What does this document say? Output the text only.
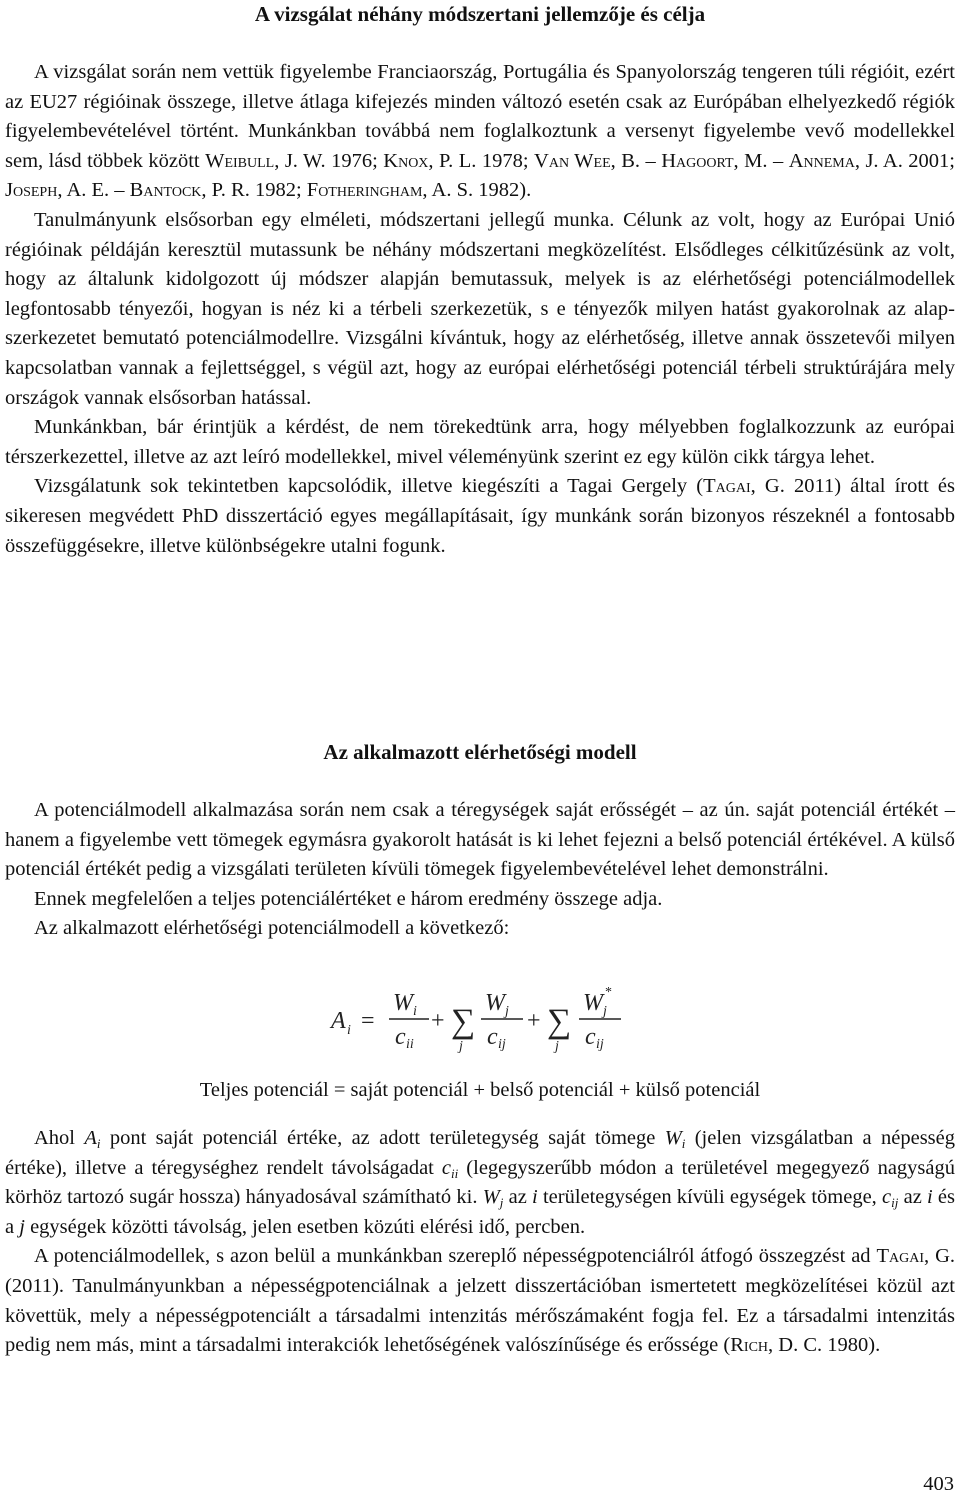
A vizsgálat néhány módszertani jellemzője és célja

A vizsgálat során nem vettük figyelembe Franciaország, Portugália és Spanyolország tengeren túli régióit, ezért az EU27 régióinak összege, illetve átlaga kifejezés minden változó esetén csak az Európában elhelyezkedő régiók figyelembevételével történt. Munkánkban továbbá nem foglalkoztunk a versenyt figyelembe vevő modellekkel sem, lásd többek között Weibull, J. W. 1976; Knox, P. L. 1978; Van Wee, B. – Hagoort, M. – Annema, J. A. 2001; Joseph, A. E. – Bantock, P. R. 1982; Fotheringham, A. S. 1982).

Tanulmányunk elsősorban egy elméleti, módszertani jellegű munka. Célunk az volt, hogy az Európai Unió régióinak példáján keresztül mutassunk be néhány módszertani megközelítést. Elsődleges célkitűzésünk az volt, hogy az általunk kidolgozott új módszer alapján bemutassuk, melyek is az elérhetőségi potenciálmodellek legfontosabb tényezői, hogyan is néz ki a térbeli szerkezetük, s e tényezők milyen hatást gyakorolnak az alapszerkezetet bemutató potenciálmodellre. Vizsgálni kívántuk, hogy az elérhetőség, illetve annak összetevői milyen kapcsolatban vannak a fejlettséggel, s végül azt, hogy az európai elérhetőségi potenciál térbeli struktúrájára mely országok vannak elsősorban hatással.

Munkánkban, bár érintjük a kérdést, de nem törekedtünk arra, hogy mélyebben foglalkozzunk az európai térszerkezettel, illetve az azt leíró modellekkel, mivel véleményünk szerint ez egy külön cikk tárgya lehet.

Vizsgálatunk sok tekintetben kapcsolódik, illetve kiegészíti a Tagai Gergely (Tagai, G. 2011) által írott és sikeresen megvédett PhD disszertáció egyes megállapításait, így munkánk során bizonyos részeknél a fontosabb összefüggésekre, illetve különbségekre utalni fogunk.

Az alkalmazott elérhetőségi modell

A potenciálmodell alkalmazása során nem csak a téregységek saját erősségét – az ún. saját potenciál értékét – hanem a figyelembe vett tömegek egymásra gyakorolt hatását is ki lehet fejezni a belső potenciál értékével. A külső potenciál értékét pedig a vizsgálati területen kívüli tömegek figyelembevételével lehet demonstrálni.

Ennek megfelelően a teljes potenciálértéket e három eredmény összege adja.

Az alkalmazott elérhetőségi potenciálmodell a következő:

A i =
W i
c ii
+ ∑
j
W j
c ij
+ ∑
j
W j
*
c ij
Teljes potenciál = saját potenciál + belső potenciál + külső potenciál

Ahol $A_i$ pont saját potenciál értéke, az adott területegység saját tömege $W_i$ (jelen vizsgálatban a népesség értéke), illetve a téregységhez rendelt távolságadat $c_{ii}$ (legegyszerűbb módon a területével megegyező nagyságú körhöz tartozó sugár hossza) hányadosával számítható ki. $W_j$ az i területegységen kívüli egységek tömege, $c_{ij}$ az i és a j egységek közötti távolság, jelen esetben közúti elérési idő, percben.

A potenciálmodellek, s azon belül a munkánkban szereplő népességpotenciálról átfogó összegzést ad Tagai, G. (2011). Tanulmányunkban a népességpotenciálnak a jelzett disszertációban ismertetett megközelítései közül azt követtük, mely a népességpotenciált a társadalmi intenzitás mérőszámaként fogja fel. Ez a társadalmi intenzitás pedig nem más, mint a társadalmi interakciók lehetőségének valószínűsége és erőssége (Rich, D. C. 1980).

403
